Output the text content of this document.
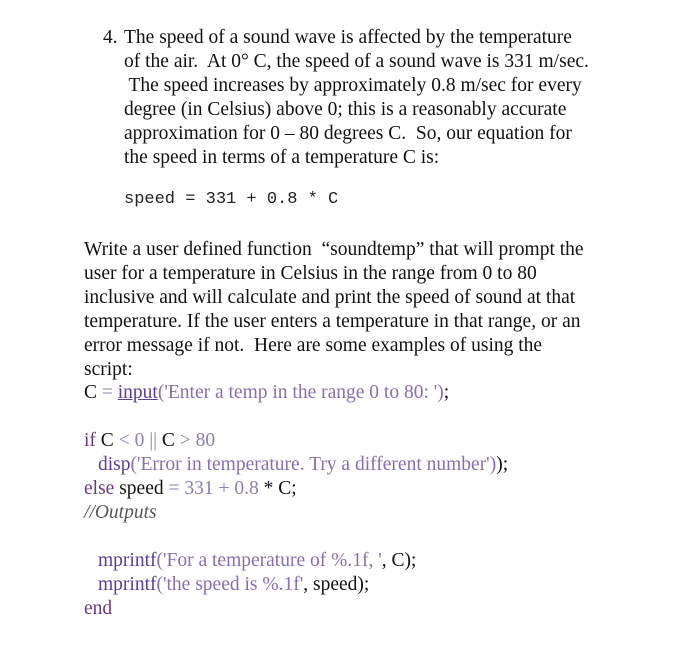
4. The speed of a sound wave is affected by the temperature
of the air.  At 0° C, the speed of a sound wave is 331 m/sec.
The speed increases by approximately 0.8 m/sec for every
degree (in Celsius) above 0; this is a reasonably accurate
approximation for 0 – 80 degrees C.  So, our equation for
the speed in terms of a temperature C is:
speed = 331 + 0.8 * C
Write a user defined function  “soundtemp” that will prompt the
user for a temperature in Celsius in the range from 0 to 80
inclusive and will calculate and print the speed of sound at that
temperature. If the user enters a temperature in that range, or an
error message if not.  Here are some examples of using the
script:
C = input('Enter a temp in the range 0 to 80: ');
if C < 0 || C > 80
disp('Error in temperature. Try a different number'));
else speed = 331 + 0.8 * C;
//Outputs
mprintf('For a temperature of %.1f, ', C);
mprintf('the speed is %.1f', speed);
end
